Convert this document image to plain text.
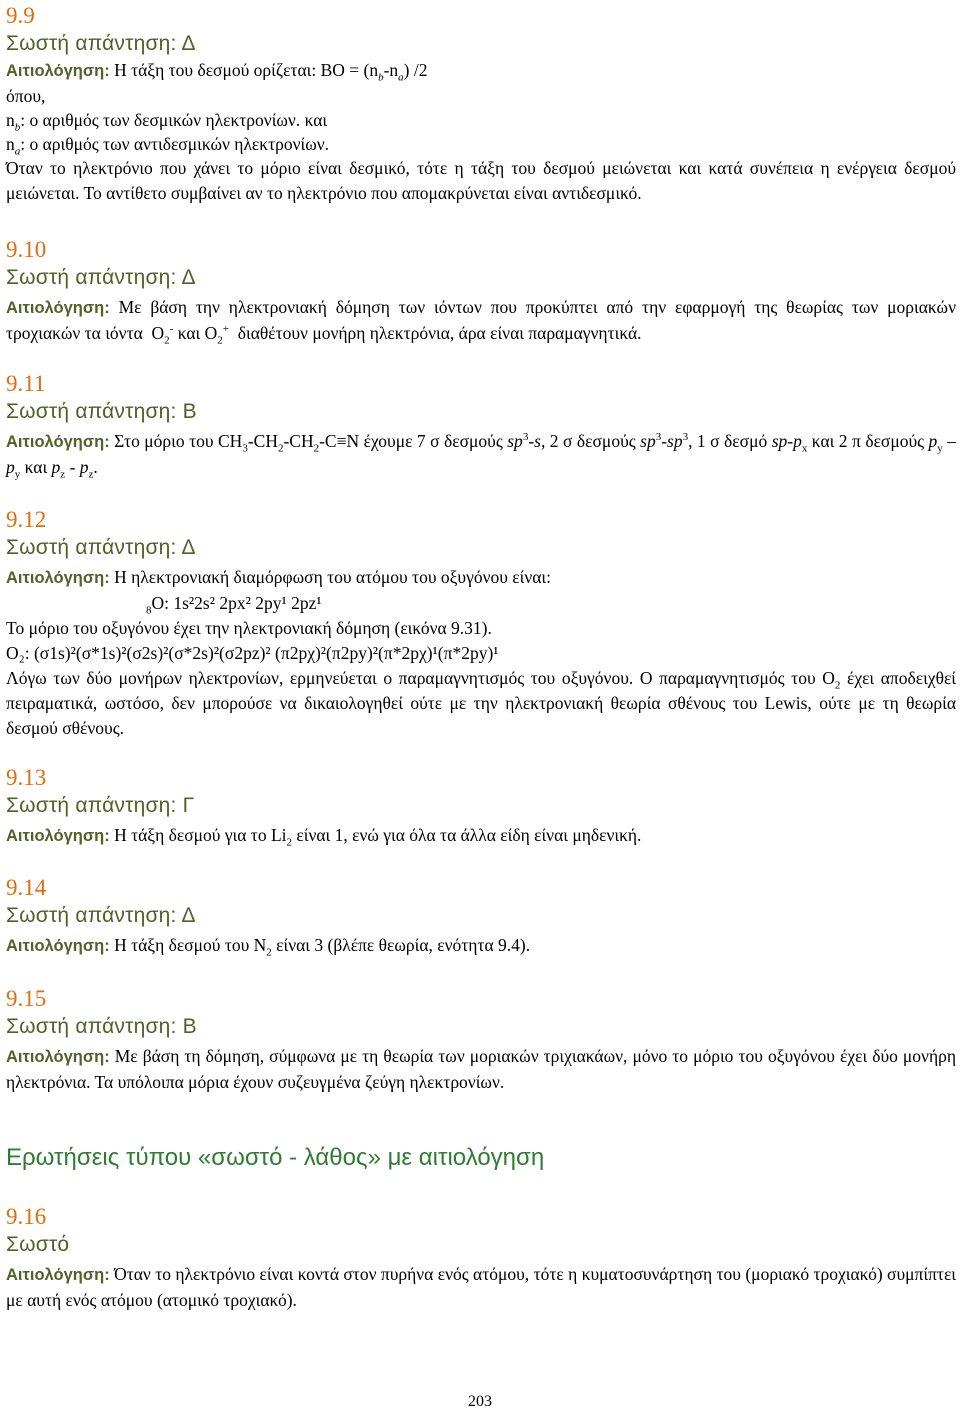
9.9

Σωστή απάντηση: Δ

Αιτιολόγηση: Η τάξη του δεσμού ορίζεται: $BO = (n_b-n_a)$ /2

όπου,

$n_b$: ο αριθμός των δεσμικών ηλεκτρονίων. και

$n_a$: ο αριθμός των αντιδεσμικών ηλεκτρονίων.

Όταν το ηλεκτρόνιο που χάνει το μόριο είναι δεσμικό, τότε η τάξη του δεσμού μειώνεται και κατά συνέπεια η ενέργεια δεσμού μειώνεται. Το αντίθετο συμβαίνει αν το ηλεκτρόνιο που απομακρύνεται είναι αντιδεσμικό.

9.10

Σωστή απάντηση: Δ

Αιτιολόγηση: Με βάση την ηλεκτρονιακή δόμηση των ιόντων που προκύπτει από την εφαρμογή της θεωρίας των μοριακών τροχιακών τα ιόντα $O_2^-$ και $O_2^+$ διαθέτουν μονήρη ηλεκτρόνια, άρα είναι παραμαγνητικά.

9.11

Σωστή απάντηση: Β

Αιτιολόγηση: Στο μόριο του $CH_3-CH_2-CH_2-C\equiv N$ έχουμε 7 σ δεσμούς $sp^3-s$, 2 σ δεσμούς $sp^3-sp^3$, 1 σ δεσμό $sp-p_x$ και 2 π δεσμούς $p_y - p_y$ και $p_z - p_z$.

9.12

Σωστή απάντηση: Δ

Αιτιολόγηση: Η ηλεκτρονιακή διαμόρφωση του ατόμου του οξυγόνου είναι:

$_8$O: 1s²2s² 2px² 2py¹ 2pz¹

Το μόριο του οξυγόνου έχει την ηλεκτρονιακή δόμηση (εικόνα 9.31).

O₂: (σ1s)²(σ*1s)²(σ2s)²(σ*2s)²(σ2pz)² (π2pχ)²(π2py)²(π*2pχ)¹(π*2py)¹

Λόγω των δύο μονήρων ηλεκτρονίων, ερμηνεύεται ο παραμαγνητισμός του οξυγόνου. Ο παραμαγνητισμός του $O_2$ έχει αποδειχθεί πειραματικά, ωστόσο, δεν μπορούσε να δικαιολογηθεί ούτε με την ηλεκτρονιακή θεωρία σθένους του Lewis, ούτε με τη θεωρία δεσμού σθένους.

9.13

Σωστή απάντηση: Γ

Αιτιολόγηση: Η τάξη δεσμού για το $Li_2$ είναι 1, ενώ για όλα τα άλλα είδη είναι μηδενική.

9.14

Σωστή απάντηση: Δ

Αιτιολόγηση: Η τάξη δεσμού του $N_2$ είναι 3 (βλέπε θεωρία, ενότητα 9.4).

9.15

Σωστή απάντηση: Β

Αιτιολόγηση: Με βάση τη δόμηση, σύμφωνα με τη θεωρία των μοριακών τριχιακάων, μόνο το μόριο του οξυγόνου έχει δύο μονήρη ηλεκτρόνια. Τα υπόλοιπα μόρια έχουν συζευγμένα ζεύγη ηλεκτρονίων.

Ερωτήσεις τύπου «σωστό - λάθος» με αιτιολόγηση

9.16

Σωστό

Αιτιολόγηση: Όταν το ηλεκτρόνιο είναι κοντά στον πυρήνα ενός ατόμου, τότε η κυματοσυνάρτηση του (μοριακό τροχιακό) συμπίπτει με αυτή ενός ατόμου (ατομικό τροχιακό).

203
